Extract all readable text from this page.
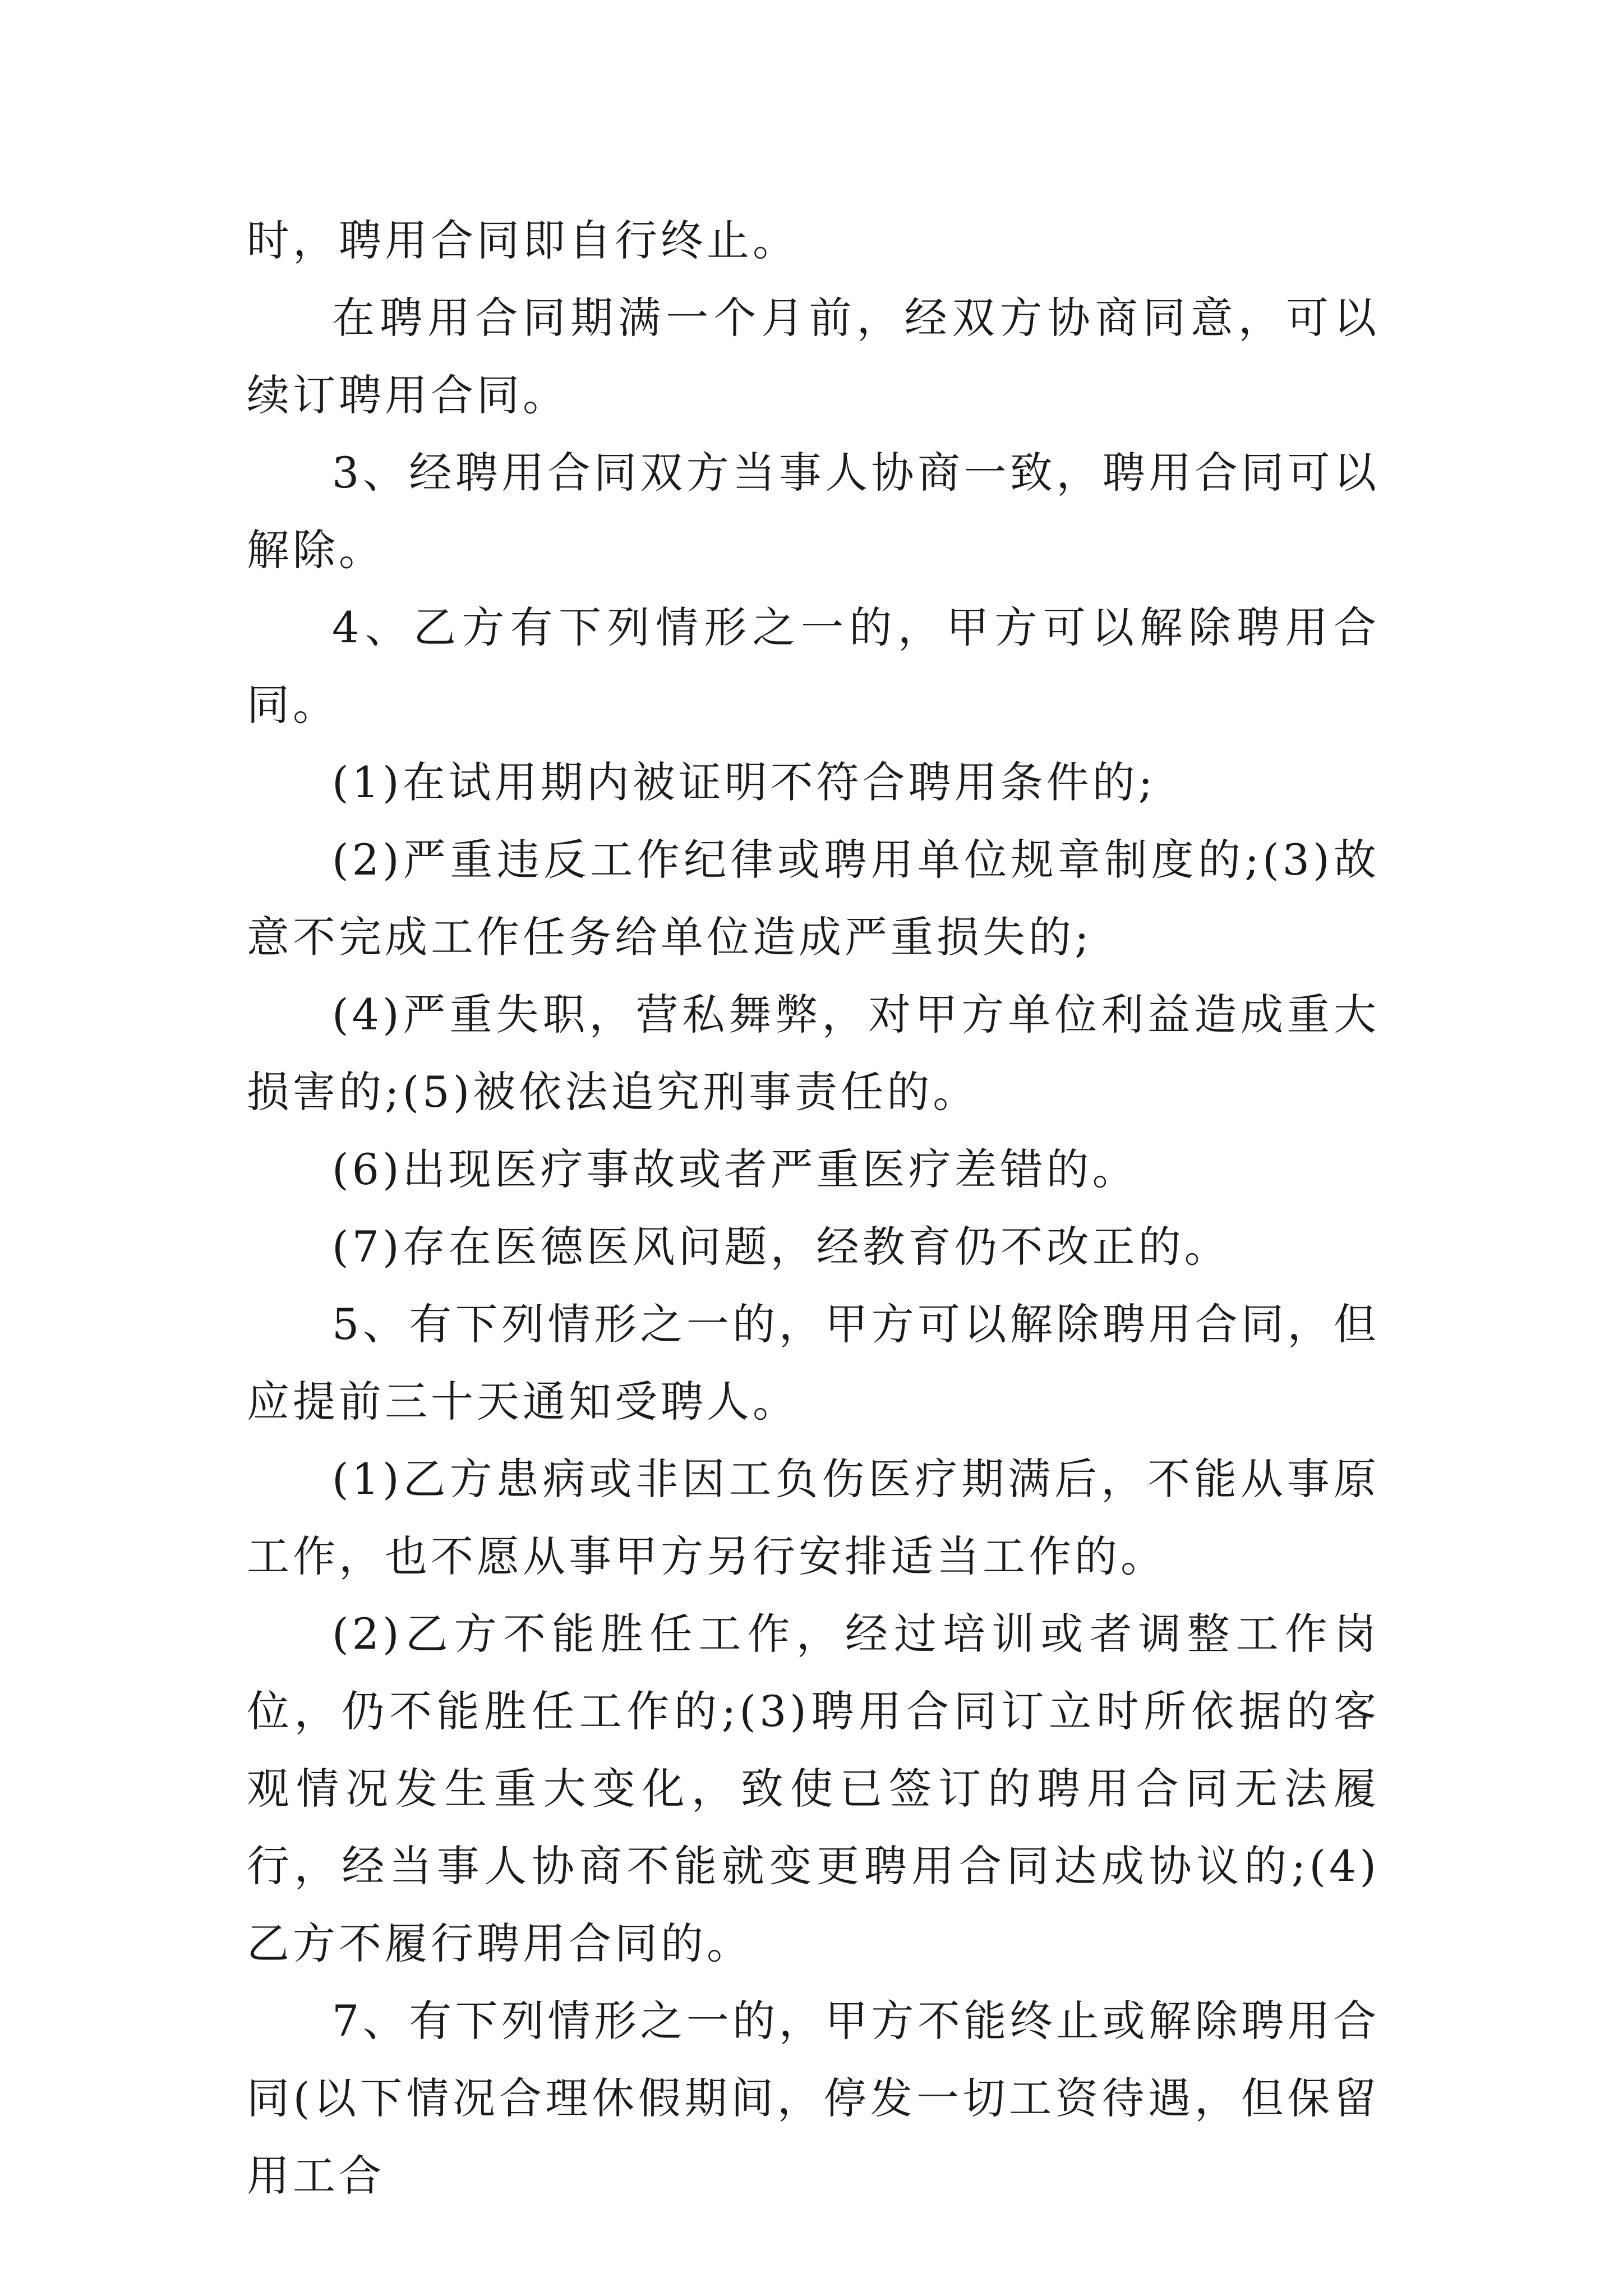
时，聘用合同即自行终止。

在聘用合同期满一个月前，经双方协商同意，可以续订聘用合同。

3、经聘用合同双方当事人协商一致，聘用合同可以解除。

4、乙方有下列情形之一的，甲方可以解除聘用合同。

(1)在试用期内被证明不符合聘用条件的;

(2)严重违反工作纪律或聘用单位规章制度的;(3)故意不完成工作任务给单位造成严重损失的;

(4)严重失职，营私舞弊，对甲方单位利益造成重大损害的;(5)被依法追究刑事责任的。

(6)出现医疗事故或者严重医疗差错的。

(7)存在医德医风问题，经教育仍不改正的。

5、有下列情形之一的，甲方可以解除聘用合同，但应提前三十天通知受聘人。

(1)乙方患病或非因工负伤医疗期满后，不能从事原工作，也不愿从事甲方另行安排适当工作的。

(2)乙方不能胜任工作，经过培训或者调整工作岗位，仍不能胜任工作的;(3)聘用合同订立时所依据的客观情况发生重大变化，致使已签订的聘用合同无法履行，经当事人协商不能就变更聘用合同达成协议的;(4)乙方不履行聘用合同的。

7、有下列情形之一的，甲方不能终止或解除聘用合同(以下情况合理休假期间，停发一切工资待遇，但保留用工合
